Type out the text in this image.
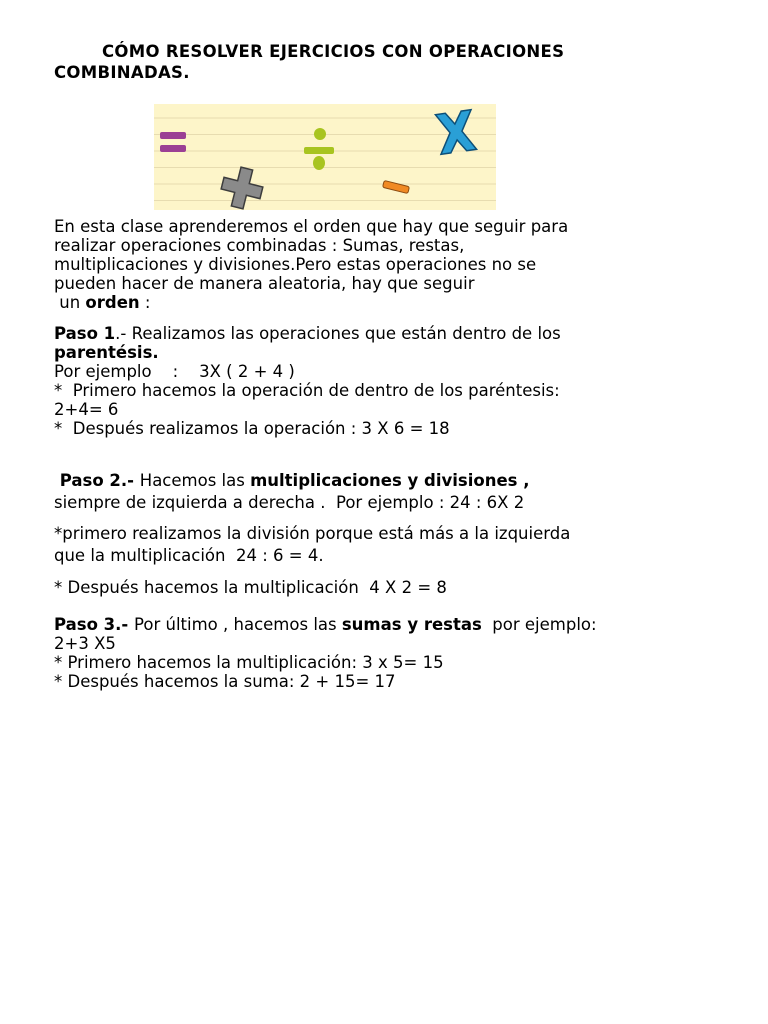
CÓMO RESOLVER EJERCICIOS CON OPERACIONES
COMBINADAS.
En esta clase aprenderemos el orden que hay que seguir para
realizar operaciones combinadas : Sumas, restas,
multiplicaciones y divisiones.Pero estas operaciones no se
pueden hacer de manera aleatoria, hay que seguir
un orden :
Paso 1.- Realizamos las operaciones que están dentro de los
parentésis.
Por ejemplo    :    3X ( 2 + 4 )
*  Primero hacemos la operación de dentro de los paréntesis:
2+4= 6
*  Después realizamos la operación : 3 X 6 = 18
Paso 2.- Hacemos las multiplicaciones y divisiones ,
siempre de izquierda a derecha .  Por ejemplo : 24 : 6X 2
*primero realizamos la división porque está más a la izquierda
que la multiplicación  24 : 6 = 4.
* Después hacemos la multiplicación  4 X 2 = 8
Paso 3.- Por último , hacemos las sumas y restas  por ejemplo:
2+3 X5
* Primero hacemos la multiplicación: 3 x 5= 15
* Después hacemos la suma: 2 + 15= 17
